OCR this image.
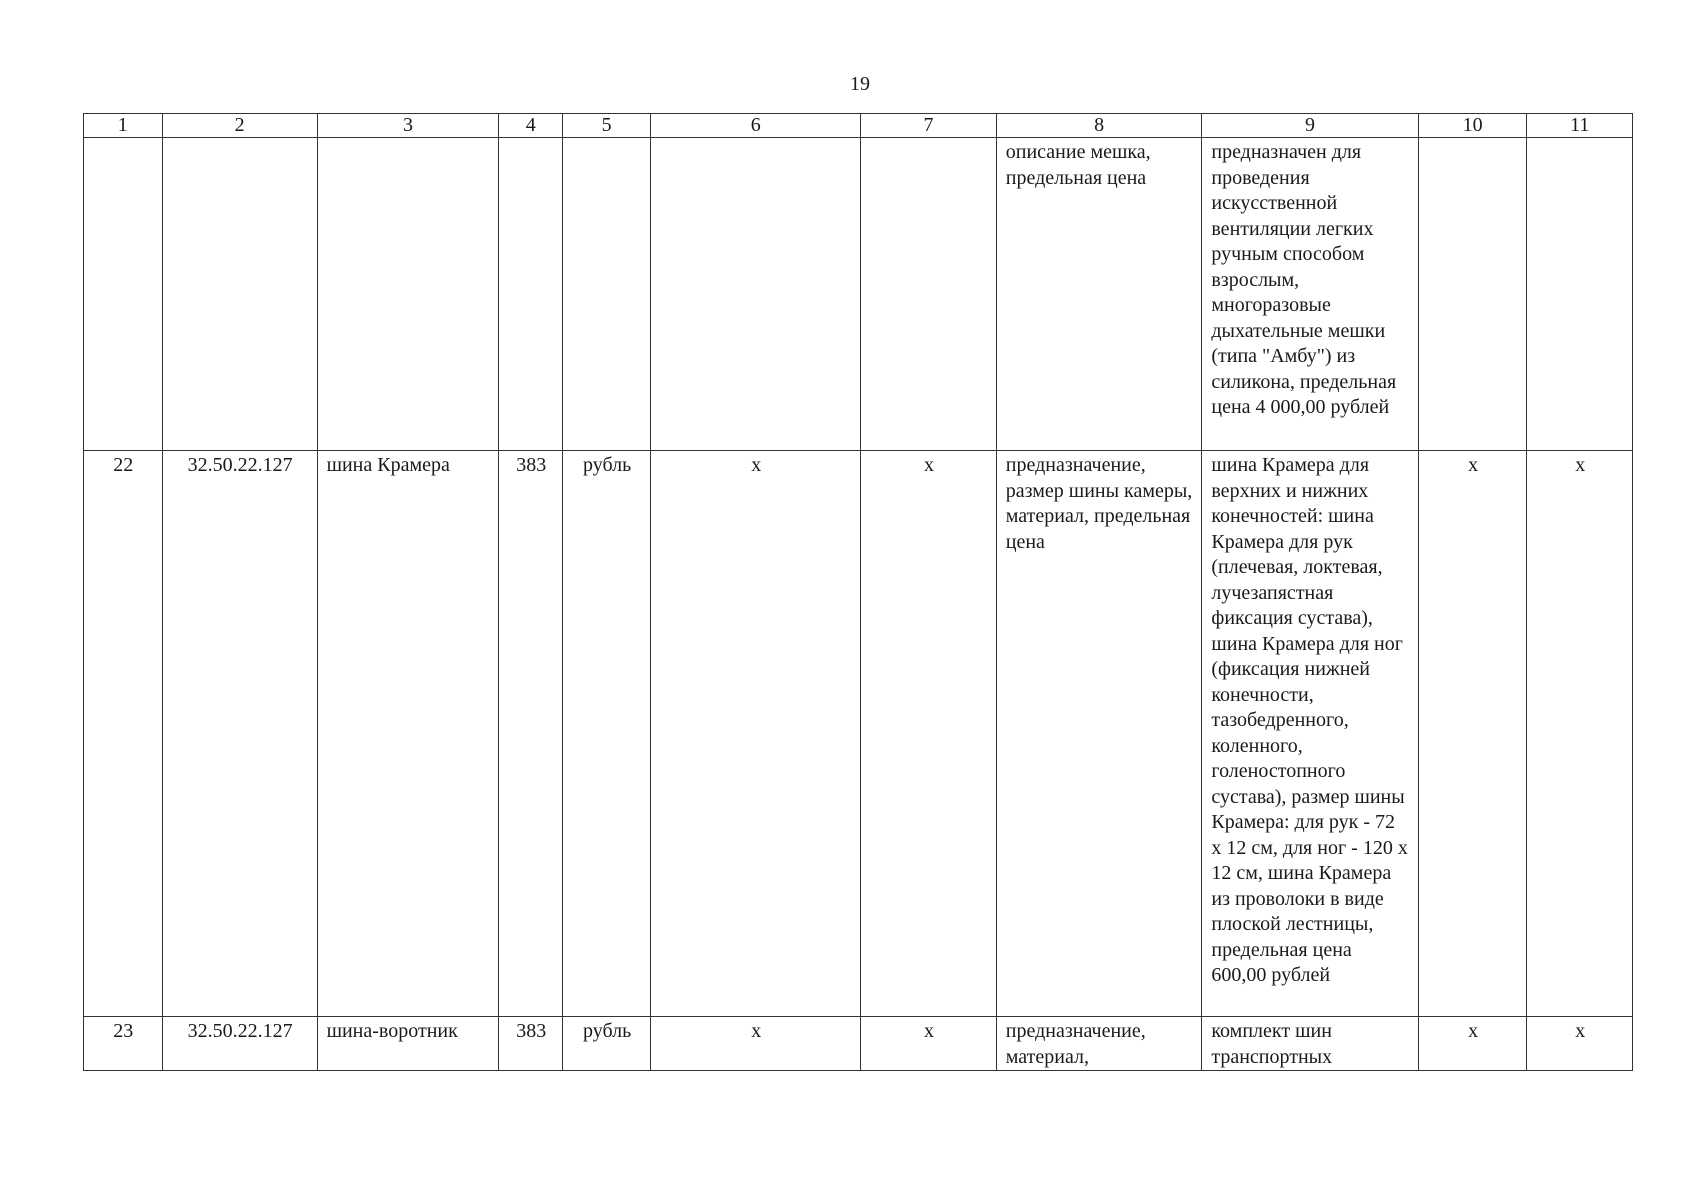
19
1	2	3	4	5	6	7	8	9	10	11
							описание мешка, предельная цена	предназначен для проведения искусственной вентиляции легких ручным способом взрослым, многоразовые дыхательные мешки (типа "Амбу") из силикона, предельная цена 4 000,00 рублей		
22	32.50.22.127	шина Крамера	383	рубль	х	х	предназначение, размер шины камеры, материал, предельная цена	шина Крамера для верхних и нижних конечностей: шина Крамера для рук (плечевая, локтевая, лучезапястная фиксация сустава), шина Крамера для ног (фиксация нижней конечности, тазобедренного, коленного, голеностопного сустава), размер шины Крамера: для рук - 72 х 12 см, для ног - 120 х 12 см, шина Крамера из проволоки в виде плоской лестницы, предельная цена 600,00 рублей	х	х
23	32.50.22.127	шина-воротник	383	рубль	х	х	предназначение, материал,	комплект шин транспортных	х	х
